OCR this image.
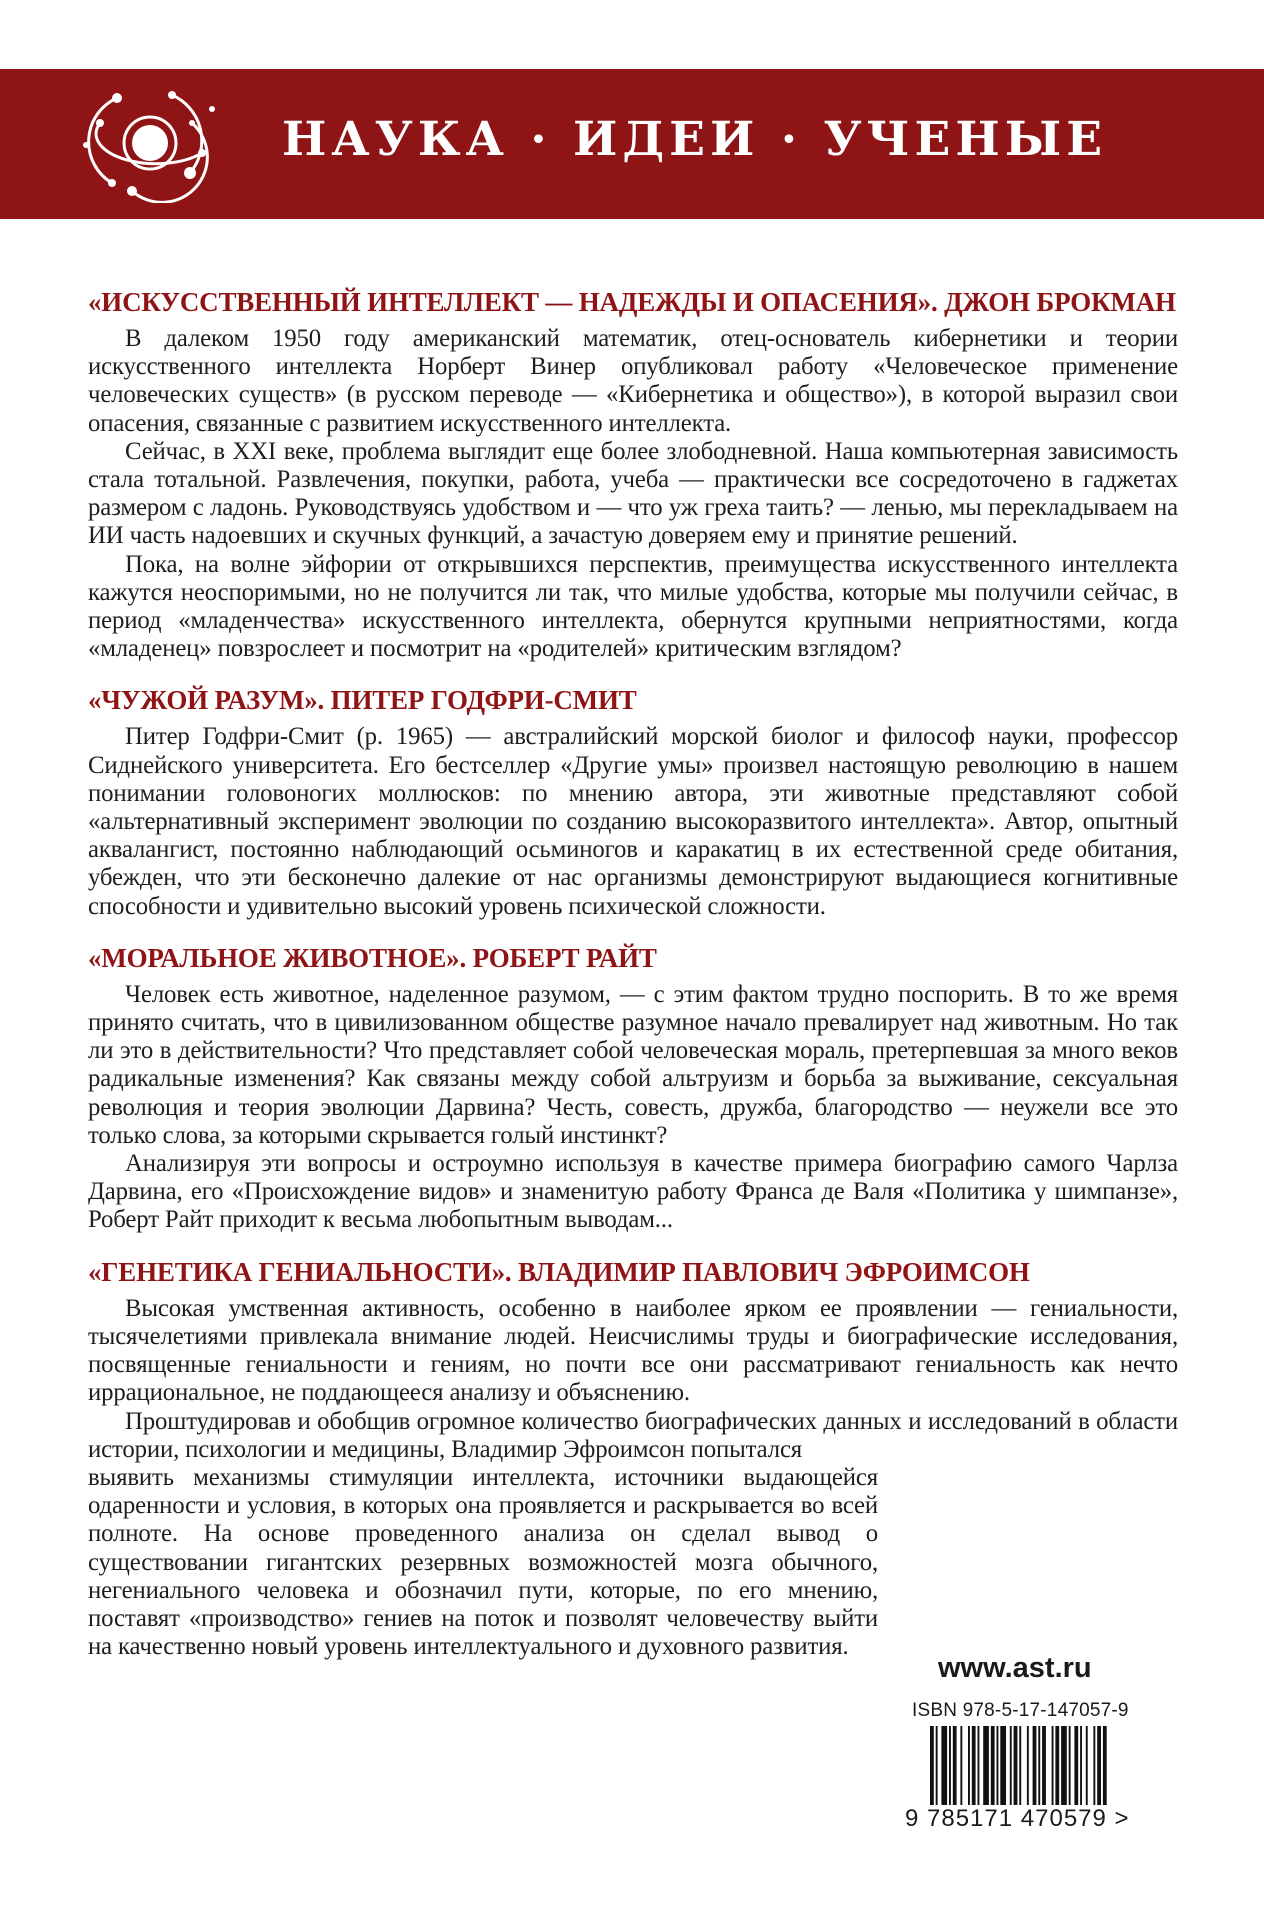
НАУКА · ИДЕИ · УЧЕНЫЕ
«ИСКУССТВЕННЫЙ ИНТЕЛЛЕКТ — НАДЕЖДЫ И ОПАСЕНИЯ». ДЖОН БРОКМАН

В далеком 1950 году американский математик, отец-основатель кибернетики и теории искусственного интеллекта Норберт Винер опубликовал работу «Человеческое применение человеческих существ» (в русском переводе — «Кибернетика и общество»), в которой выразил свои опасения, связанные с развитием искусственного интеллекта.

Сейчас, в XXI веке, проблема выглядит еще более злободневной. Наша компьютерная зависимость стала тотальной. Развлечения, покупки, работа, учеба — практически все сосредоточено в гаджетах размером с ладонь. Руководствуясь удобством и — что уж греха таить? — ленью, мы перекладываем на ИИ часть надоевших и скучных функций, а зачастую доверяем ему и принятие решений.

Пока, на волне эйфории от открывшихся перспектив, преимущества искусственного интеллекта кажутся неоспоримыми, но не получится ли так, что милые удобства, которые мы получили сейчас, в период «младенчества» искусственного интеллекта, обернутся крупными неприятностями, когда «младенец» повзрослеет и посмотрит на «родителей» критическим взглядом?

«ЧУЖОЙ РАЗУМ». ПИТЕР ГОДФРИ-СМИТ

Питер Годфри-Смит (р. 1965) — австралийский морской биолог и философ науки, профессор Сиднейского университета. Его бестселлер «Другие умы» произвел настоящую революцию в нашем понимании головоногих моллюсков: по мнению автора, эти животные представляют собой «альтернативный эксперимент эволюции по созданию высокоразвитого интеллекта». Автор, опытный аквалангист, постоянно наблюдающий осьминогов и каракатиц в их естественной среде обитания, убежден, что эти бесконечно далекие от нас организмы демонстрируют выдающиеся когнитивные способности и удивительно высокий уровень психической сложности.

«МОРАЛЬНОЕ ЖИВОТНОЕ». РОБЕРТ РАЙТ

Человек есть животное, наделенное разумом, — с этим фактом трудно поспорить. В то же время принято считать, что в цивилизованном обществе разумное начало превалирует над животным. Но так ли это в действительности? Что представляет собой человеческая мораль, претерпевшая за много веков радикальные изменения? Как связаны между собой альтруизм и борьба за выживание, сексуальная революция и теория эволюции Дарвина? Честь, совесть, дружба, благородство — неужели все это только слова, за которыми скрывается голый инстинкт?

Анализируя эти вопросы и остроумно используя в качестве примера биографию самого Чарлза Дарвина, его «Происхождение видов» и знаменитую работу Франса де Валя «Политика у шимпанзе», Роберт Райт приходит к весьма любопытным выводам...

«ГЕНЕТИКА ГЕНИАЛЬНОСТИ». ВЛАДИМИР ПАВЛОВИЧ ЭФРОИМСОН

Высокая умственная активность, особенно в наиболее ярком ее проявлении — гениальности, тысячелетиями привлекала внимание людей. Неисчислимы труды и биографические исследования, посвященные гениальности и гениям, но почти все они рассматривают гениальность как нечто иррациональное, не поддающееся анализу и объяснению.

Проштудировав и обобщив огромное количество биографических данных и исследований в области истории, психологии и медицины, Владимир Эфроимсон попытался

выявить механизмы стимуляции интеллекта, источники выдающейся одаренности и условия, в которых она проявляется и раскрывается во всей полноте. На основе проведенного анализа он сделал вывод о существовании гигантских резервных возможностей мозга обычного, негениального человека и обозначил пути, которые, по его мнению, поставят «производство» гениев на поток и позволят человечеству выйти на качественно новый уровень интеллектуального и духовного развития.

www.ast.ru
ISBN 978-5-17-147057-9
9 785171 470579 >
